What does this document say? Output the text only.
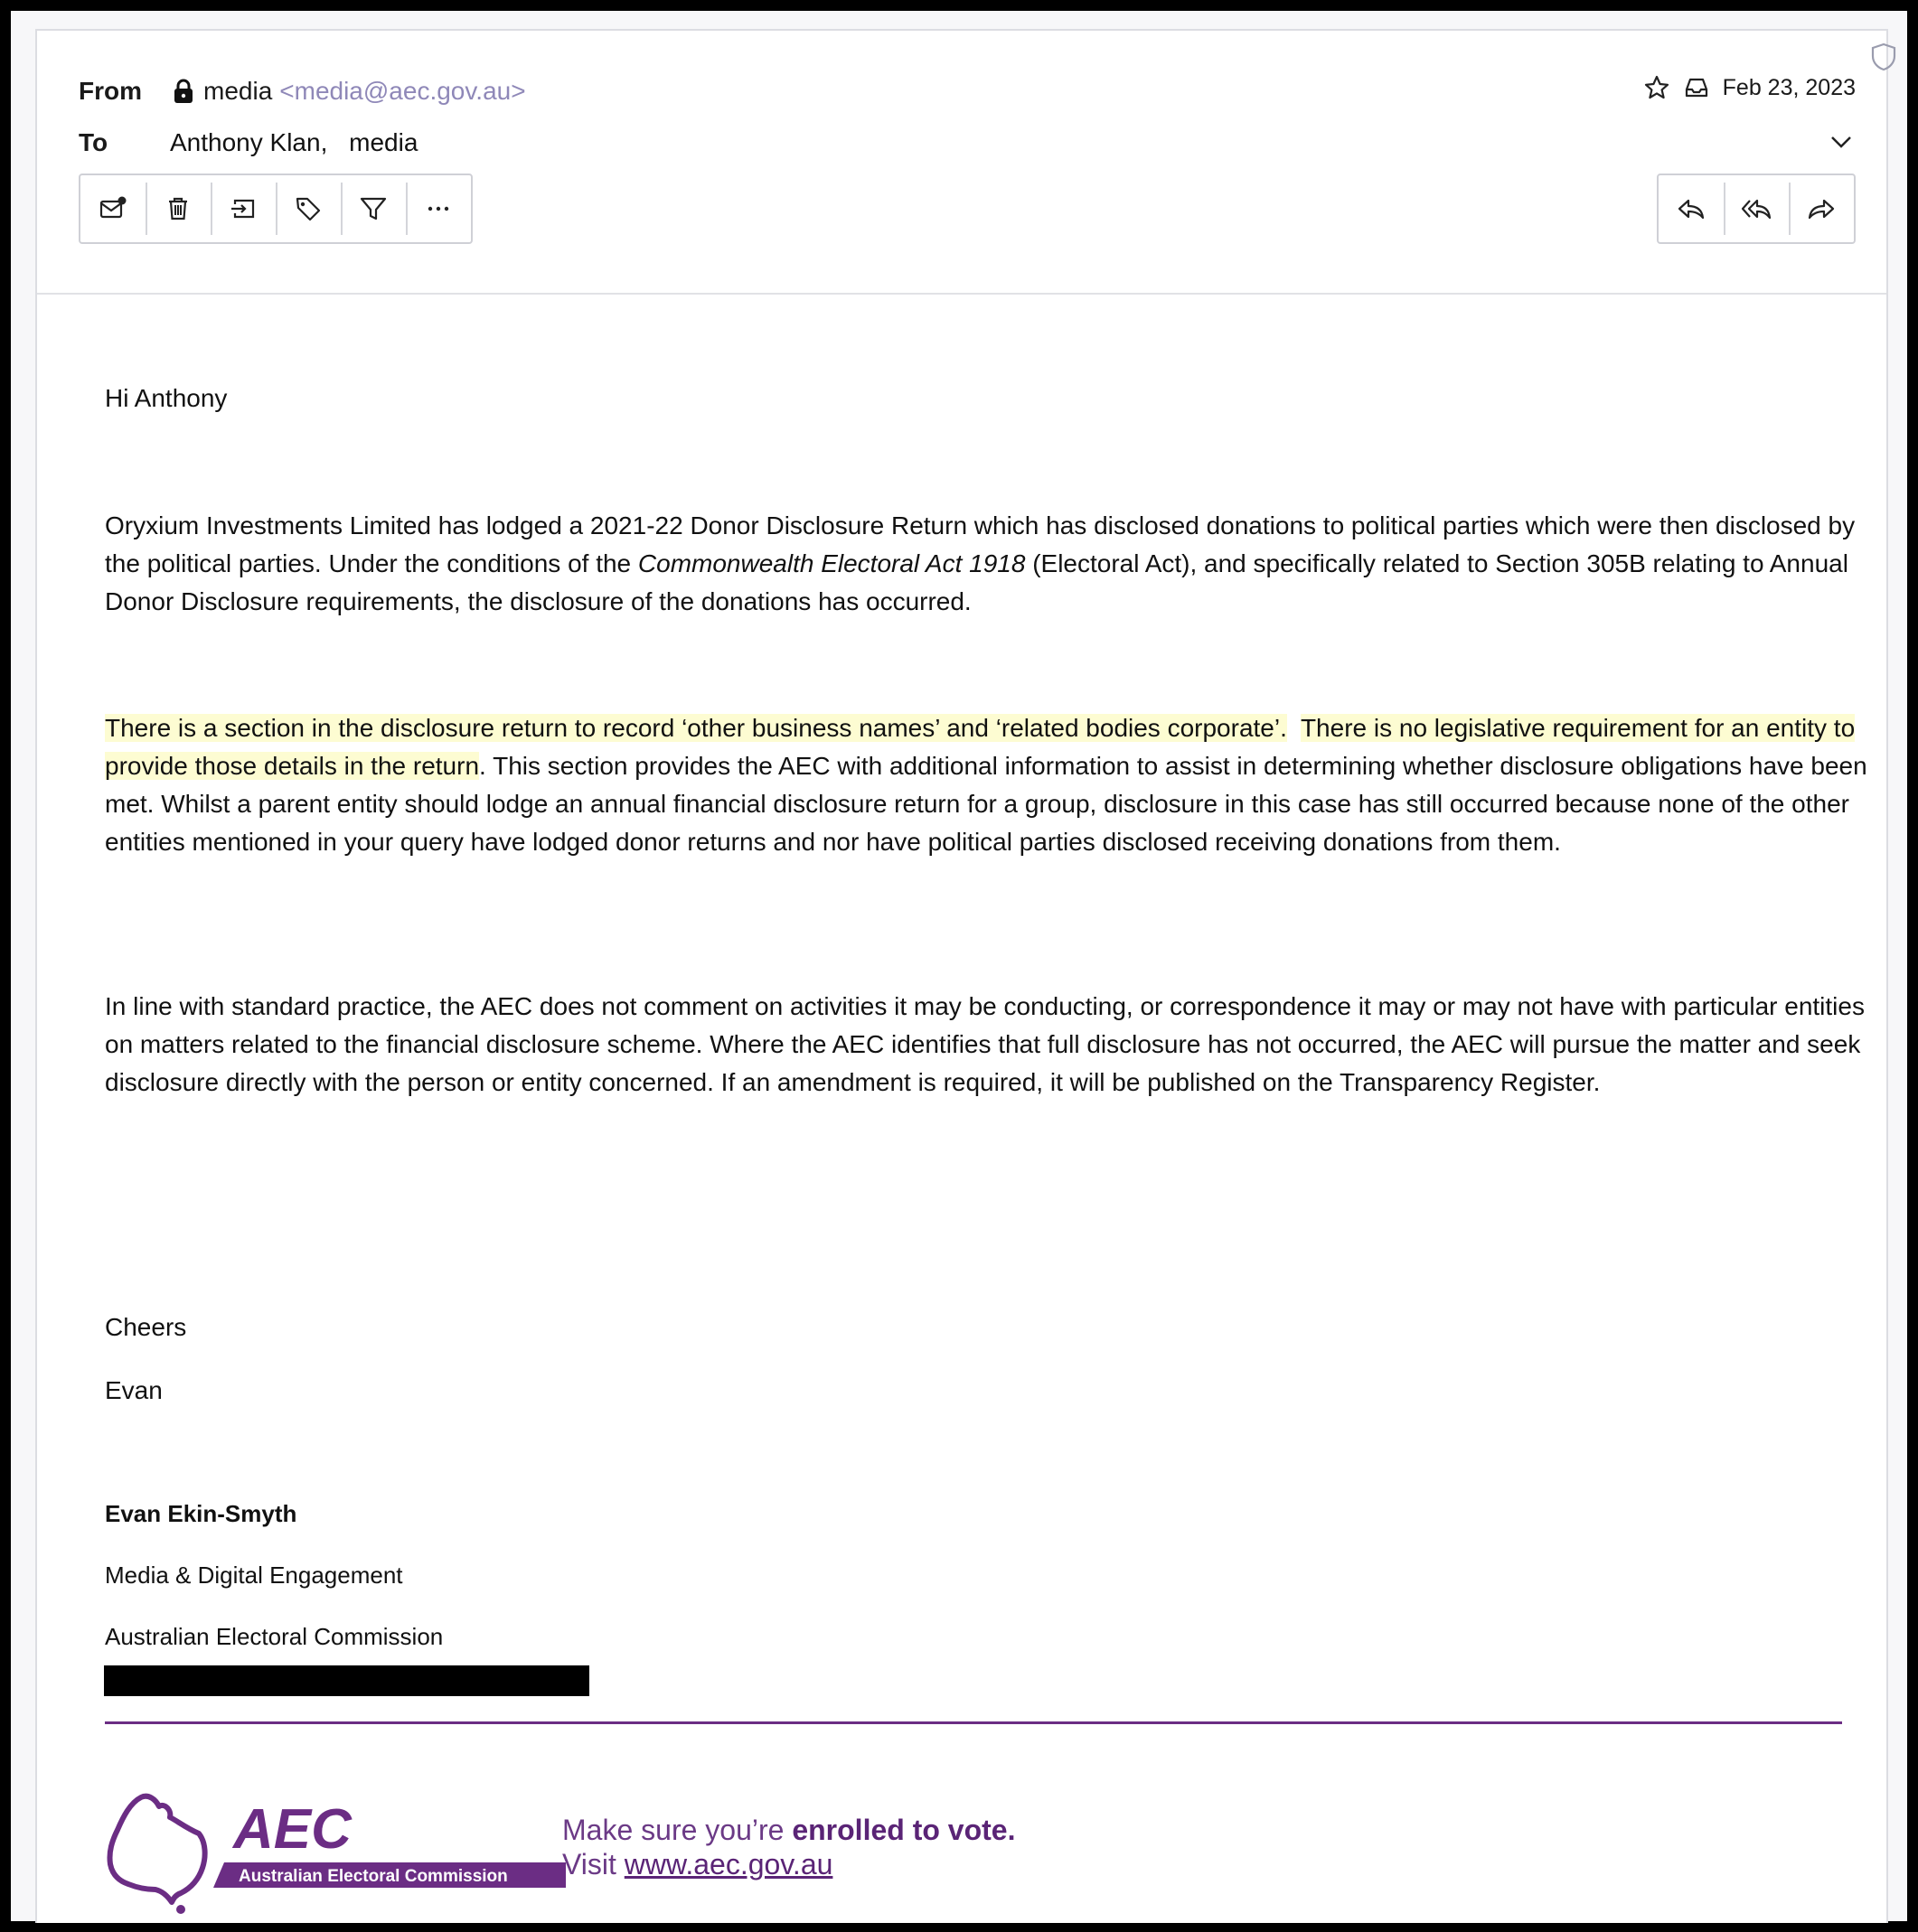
From media <media@aec.gov.au>
To Anthony Klan, media
Feb 23, 2023

Hi Anthony

Oryxium Investments Limited has lodged a 2021-22 Donor Disclosure Return which has disclosed donations to political parties which were then disclosed by the political parties. Under the conditions of the Commonwealth Electoral Act 1918 (Electoral Act), and specifically related to Section 305B relating to Annual Donor Disclosure requirements, the disclosure of the donations has occurred.

There is a section in the disclosure return to record ‘other business names’ and ‘related bodies corporate’. There is no legislative requirement for an entity to provide those details in the return. This section provides the AEC with additional information to assist in determining whether disclosure obligations have been met. Whilst a parent entity should lodge an annual financial disclosure return for a group, disclosure in this case has still occurred because none of the other entities mentioned in your query have lodged donor returns and nor have political parties disclosed receiving donations from them.

In line with standard practice, the AEC does not comment on activities it may be conducting, or correspondence it may or may not have with particular entities on matters related to the financial disclosure scheme. Where the AEC identifies that full disclosure has not occurred, the AEC will pursue the matter and seek disclosure directly with the person or entity concerned. If an amendment is required, it will be published on the Transparency Register.

Cheers

Evan

Evan Ekin-Smyth
Media & Digital Engagement
Australian Electoral Commission
AEC
Australian Electoral Commission
Make sure you’re enrolled to vote.
Visit www.aec.gov.au
